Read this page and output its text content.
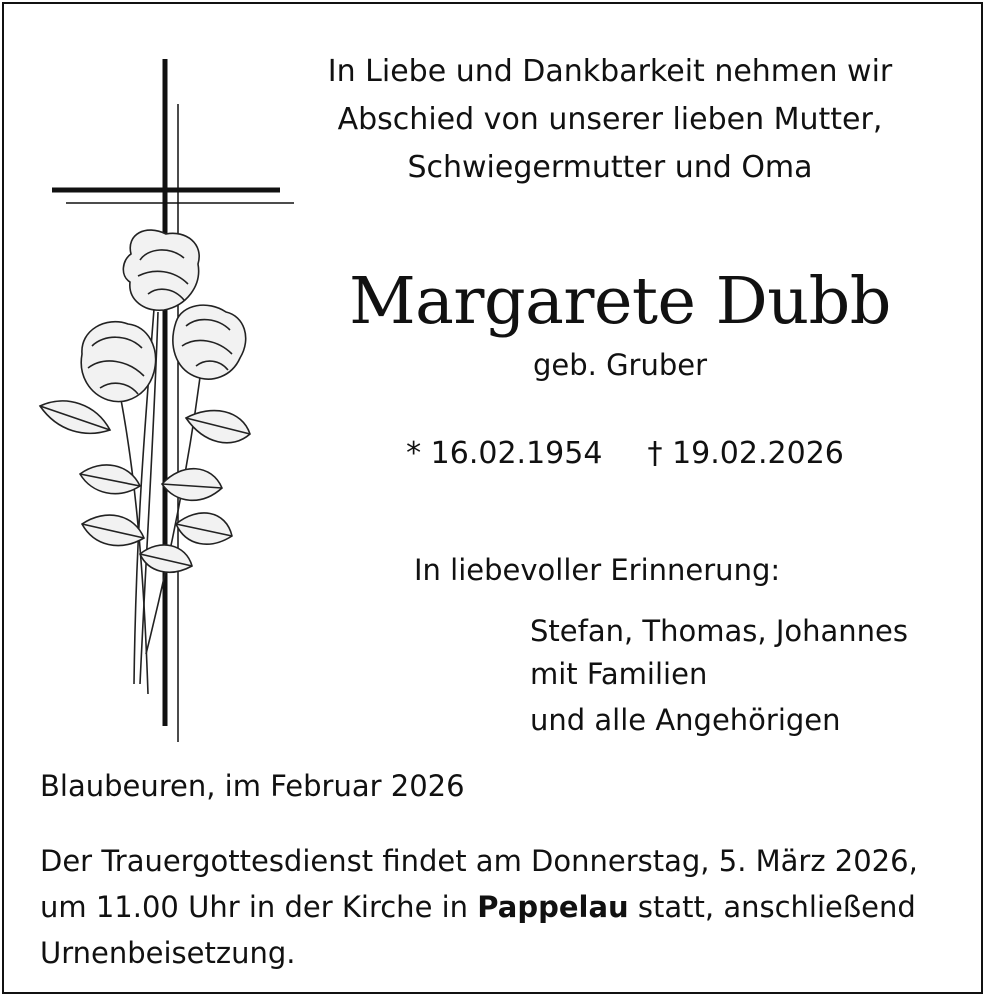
In Liebe und Dankbarkeit nehmen wir
Abschied von unserer lieben Mutter,
Schwiegermutter und Oma
Margarete Dubb
geb. Gruber
* 16.02.1954 † 19.02.2026
In liebevoller Erinnerung:
Stefan, Thomas, Johannes
mit Familien
und alle Angehörigen
Blaubeuren, im Februar 2026
Der Trauergottesdienst findet am Donnerstag, 5. März 2026, um 11.00 Uhr in der Kirche in Pappelau statt, anschließend Urnenbeisetzung.
